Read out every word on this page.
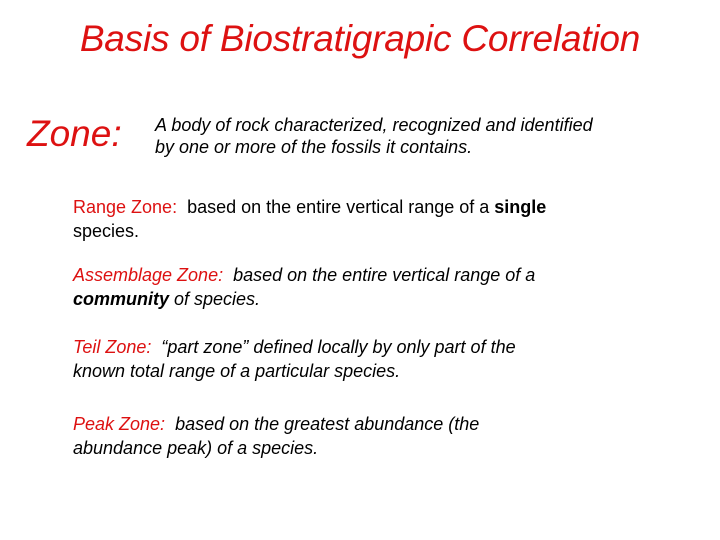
Basis of Biostratigrapic Correlation
Zone: A body of rock characterized, recognized and identified
by one or more of the fossils it contains.
Range Zone:  based on the entire vertical range of a single
species.
Assemblage Zone:  based on the entire vertical range of a
community of species.
Teil Zone:  “part zone” defined locally by only part of the
known total range of a particular species.
Peak Zone:  based on the greatest abundance (the
abundance peak) of a species.
